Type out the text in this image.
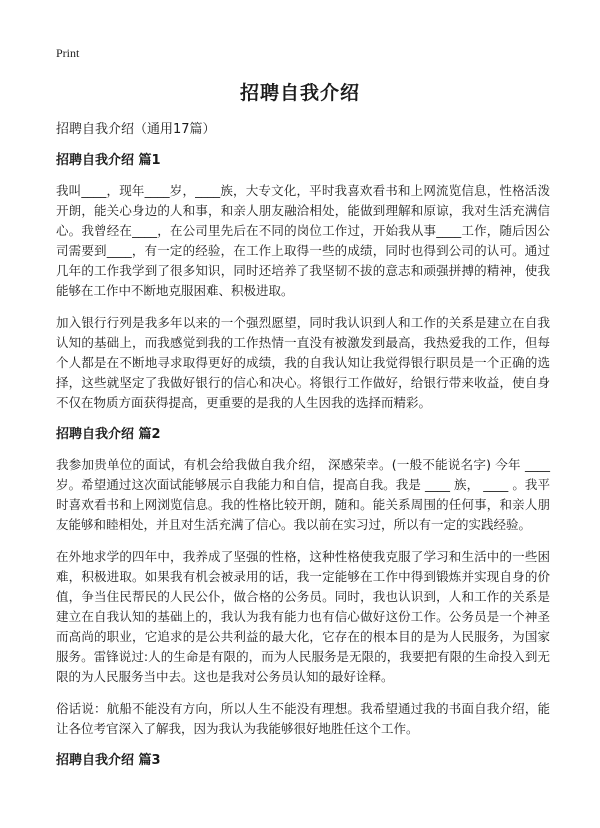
Print
招聘自我介绍

招聘自我介绍（通用17篇）

招聘自我介绍 篇1

我叫____，现年____岁，____族，大专文化，平时我喜欢看书和上网流览信息，性格活泼开朗，能关心身边的人和事，和亲人朋友融洽相处，能做到理解和原谅，我对生活充满信心。我曾经在____，在公司里先后在不同的岗位工作过，开始我从事____工作，随后因公司需要到____，有一定的经验，在工作上取得一些的成绩，同时也得到公司的认可。通过几年的工作我学到了很多知识，同时还培养了我坚韧不拔的意志和顽强拼搏的精神，使我能够在工作中不断地克服困难、积极进取。

加入银行行列是我多年以来的一个强烈愿望，同时我认识到人和工作的关系是建立在自我认知的基础上，而我感觉到我的工作热情一直没有被激发到最高，我热爱我的工作，但每个人都是在不断地寻求取得更好的成绩，我的自我认知让我觉得银行职员是一个正确的选择，这些就坚定了我做好银行的信心和决心。将银行工作做好，给银行带来收益，使自身不仅在物质方面获得提高，更重要的是我的人生因我的选择而精彩。

招聘自我介绍 篇2

我参加贵单位的面试，有机会给我做自我介绍， 深感荣幸。(一般不能说名字) 今年 ____ 岁。希望通过这次面试能够展示自我能力和自信，提高自我。我是 ____ 族， ____ 。我平时喜欢看书和上网浏览信息。我的性格比较开朗，随和。能关系周围的任何事，和亲人朋友能够和睦相处，并且对生活充满了信心。我以前在实习过，所以有一定的实践经验。

在外地求学的四年中，我养成了坚强的性格，这种性格使我克服了学习和生活中的一些困难，积极进取。如果我有机会被录用的话，我一定能够在工作中得到锻炼并实现自身的价值，争当住民帮民的人民公仆，做合格的公务员。同时，我也认识到，人和工作的关系是建立在自我认知的基础上的，我认为我有能力也有信心做好这份工作。公务员是一个神圣而高尚的职业，它追求的是公共利益的最大化，它存在的根本目的是为人民服务，为国家服务。雷锋说过:人的生命是有限的，而为人民服务是无限的，我要把有限的生命投入到无限的为人民服务当中去。这也是我对公务员认知的最好诠释。

俗话说：航船不能没有方向，所以人生不能没有理想。我希望通过我的书面自我介绍，能让各位考官深入了解我，因为我认为我能够很好地胜任这个工作。

招聘自我介绍 篇3
